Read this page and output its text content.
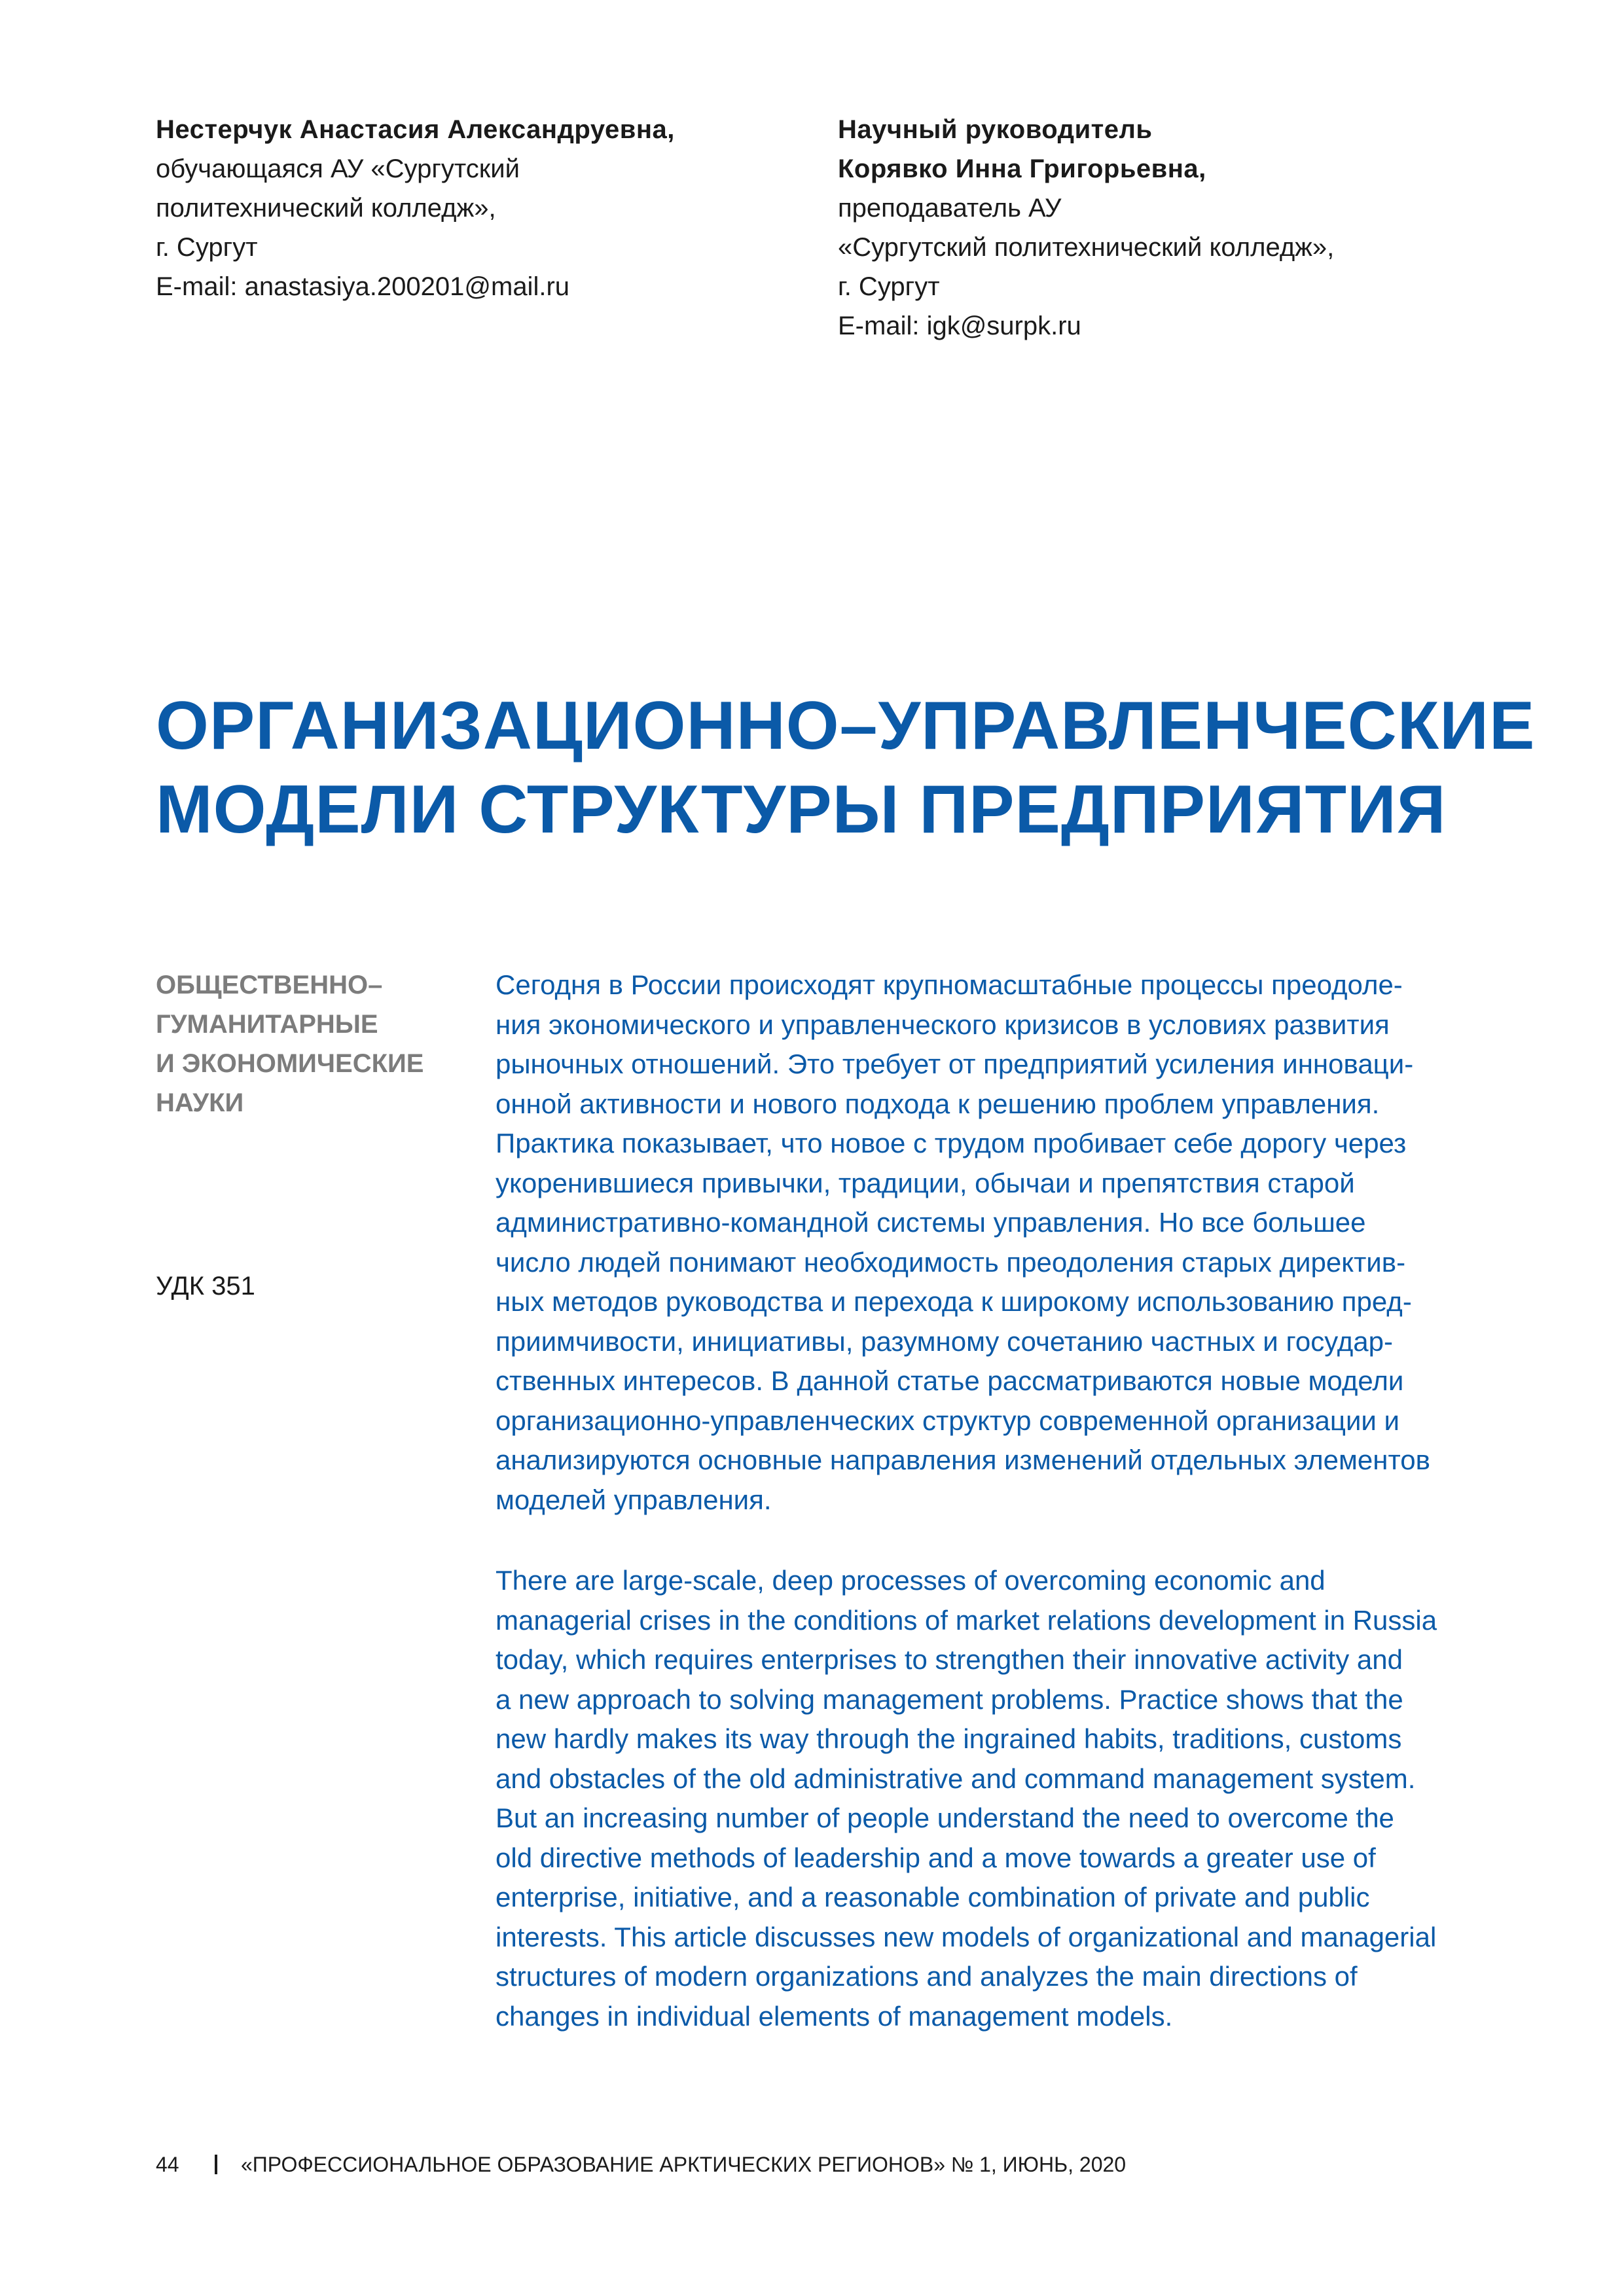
Нестерчук Анастасия Александруевна,
обучающаяся АУ «Сургутский
политехнический колледж»,
г. Сургут
E-mail: anastasiya.200201@mail.ru
Научный руководитель
Корявко Инна Григорьевна,
преподаватель АУ
«Сургутский политехнический колледж»,
г. Сургут
E-mail: igk@surpk.ru
ОРГАНИЗАЦИОННО–УПРАВЛЕНЧЕСКИЕ
МОДЕЛИ СТРУКТУРЫ ПРЕДПРИЯТИЯ
ОБЩЕСТВЕННО–
ГУМАНИТАРНЫЕ
И ЭКОНОМИЧЕСКИЕ
НАУКИ
УДК 351
Сегодня в России происходят крупномасштабные процессы преодоле-
ния экономического и управленческого кризисов в условиях развития
рыночных отношений. Это требует от предприятий усиления инноваци-
онной активности и нового подхода к решению проблем управления.
Практика показывает, что новое с трудом пробивает себе дорогу через
укоренившиеся привычки, традиции, обычаи и препятствия старой
административно-командной системы управления. Но все большее
число людей понимают необходимость преодоления старых директив-
ных методов руководства и перехода к широкому использованию пред-
приимчивости, инициативы, разумному сочетанию частных и государ-
ственных интересов. В данной статье рассматриваются новые модели
организационно-управленческих структур современной организации и
анализируются основные направления изменений отдельных элементов
моделей управления.
There are large-scale, deep processes of overcoming economic and
managerial crises in the conditions of market relations development in Russia
today, which requires enterprises to strengthen their innovative activity and
a new approach to solving management problems. Practice shows that the
new hardly makes its way through the ingrained habits, traditions, customs
and obstacles of the old administrative and command management system.
But an increasing number of people understand the need to overcome the
old directive methods of leadership and a move towards a greater use of
enterprise, initiative, and a reasonable combination of private and public
interests. This article discusses new models of organizational and managerial
structures of modern organizations and analyzes the main directions of
changes in individual elements of management models.
44	«ПРОФЕССИОНАЛЬНОЕ ОБРАЗОВАНИЕ АРКТИЧЕСКИХ РЕГИОНОВ» № 1, ИЮНЬ, 2020
